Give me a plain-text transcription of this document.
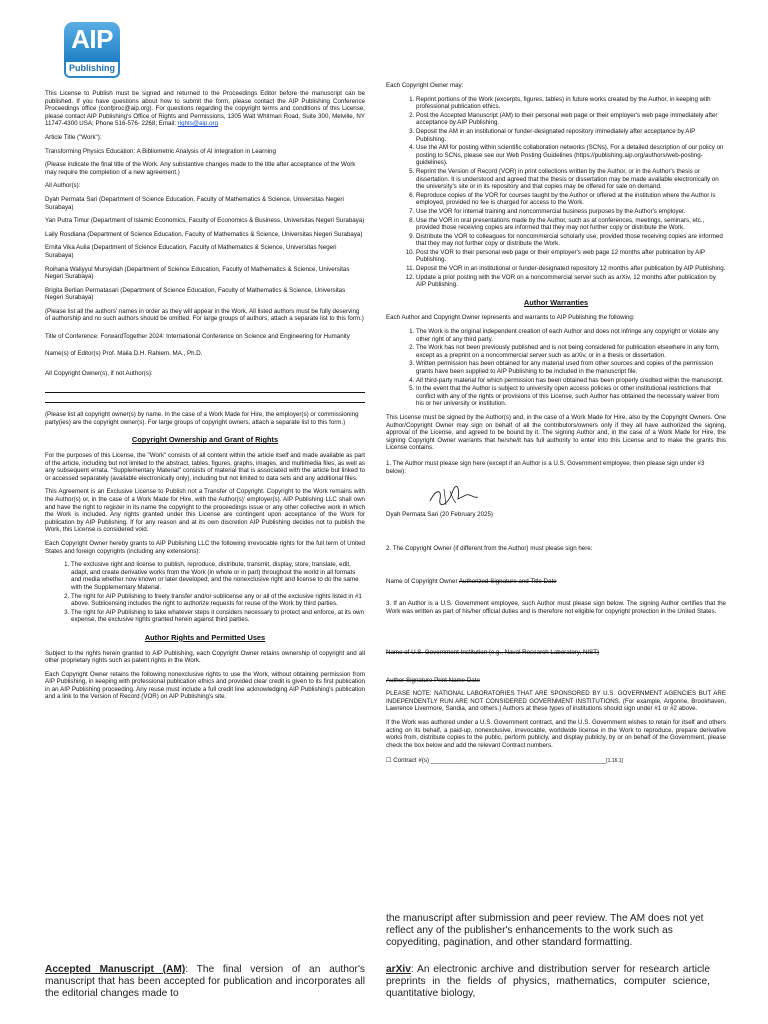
AIP
Publishing

This License to Publish must be signed and returned to the Proceedings Editor before the manuscript can be published. If you have questions about how to submit the form, please contact the AIP Publishing Conference Proceedings office (confproc@aip.org). For questions regarding the copyright terms and conditions of this License, please contact AIP Publishing's Office of Rights and Permissions, 1305 Walt Whitman Road, Suite 300, Melville, NY 11747-4300 USA; Phone 516-576- 2268; Email: rights@aip.org

Article Title ("Work"):

Transforming Physics Education: A Bibliometric Analysis of AI Integration in Learning

(Please indicate the final title of the Work. Any substantive changes made to the title after acceptance of the Work may require the completion of a new agreement.)

All Author(s):

Dyah Permata Sari (Department of Science Education, Faculty of Mathematics & Science, Universitas Negeri Surabaya)

Yan Putra Timur (Department of Islamic Economics, Faculty of Economics & Business, Universitas Negeri Surabaya)

Laily Rosdiana (Department of Science Education, Faculty of Mathematics & Science, Universitas Negeri Surabaya)

Ernita Vika Aulia (Department of Science Education, Faculty of Mathematics & Science, Universitas Negeri Surabaya)

Roihana Waliyyul Mursyidah (Department of Science Education, Faculty of Mathematics & Science, Universitas Negeri Surabaya)

Brigita Berlian Permatasari (Department of Science Education, Faculty of Mathematics & Science, Universitas Negeri Surabaya)

(Please list all the authors' names in order as they will appear in the Work. All listed authors must be fully deserving of authorship and no such authors should be omitted. For large groups of authors, attach a separate list to this form.)

Title of Conference: ForwardTogether 2024: International Conference on Science and Engineering for Humanity

Name(s) of Editor(s) Prof. Maila D.H. Rahiem, MA., Ph.D.

All Copyright Owner(s), if not Author(s):

(Please list all copyright owner(s) by name. In the case of a Work Made for Hire, the employer(s) or commissioning party(ies) are the copyright owner(s). For large groups of copyright owners, attach a separate list to this form.)

Copyright Ownership and Grant of Rights

For the purposes of this License, the "Work" consists of all content within the article itself and made available as part of the article, including but not limited to the abstract, tables, figures, graphs, images, and multimedia files, as well as any subsequent errata. "Supplementary Material" consists of material that is associated with the article but linked to or accessed separately (available electronically only), including but not limited to data sets and any additional files.

This Agreement is an Exclusive License to Publish not a Transfer of Copyright. Copyright to the Work remains with the Author(s) or, in the case of a Work Made for Hire, with the Author(s)' employer(s). AIP Publishing LLC shall own and have the right to register in its name the copyright to the proceedings issue or any other collective work in which the Work is included. Any rights granted under this License are contingent upon acceptance of the Work for publication by AIP Publishing. If for any reason and at its own discretion AIP Publishing decides not to publish the Work, this License is considered void.

Each Copyright Owner hereby grants to AIP Publishing LLC the following irrevocable rights for the full term of United States and foreign copyrights (including any extensions):

1. The exclusive right and license to publish, reproduce, distribute, transmit, display, store, translate, edit, adapt, and create derivative works from the Work (in whole or in part) throughout the world in all formats and media whether now known or later developed, and the nonexclusive right and license to do the same with the Supplementary Material.
2. The right for AIP Publishing to freely transfer and/or sublicense any or all of the exclusive rights listed in #1 above. Sublicensing includes the right to authorize requests for reuse of the Work by third parties.
3. The right for AIP Publishing to take whatever steps it considers necessary to protect and enforce, at its own expense, the exclusive rights granted herein against third parties.
Author Rights and Permitted Uses

Subject to the rights herein granted to AIP Publishing, each Copyright Owner retains ownership of copyright and all other proprietary rights such as patent rights in the Work.

Each Copyright Owner retains the following nonexclusive rights to use the Work, without obtaining permission from AIP Publishing, in keeping with professional publication ethics and provided clear credit is given to its first publication in an AIP Publishing proceeding. Any reuse must include a full credit line acknowledging AIP Publishing's publication and a link to the Version of Record (VOR) on AIP Publishing's site.

Each Copyright Owner may:

1. Reprint portions of the Work (excerpts, figures, tables) in future works created by the Author, in keeping with professional publication ethics.
2. Post the Accepted Manuscript (AM) to their personal web page or their employer's web page immediately after acceptance by AIP Publishing.
3. Deposit the AM in an institutional or funder-designated repository immediately after acceptance by AIP Publishing.
4. Use the AM for posting within scientific collaboration networks (SCNs). For a detailed description of our policy on posting to SCNs, please see our Web Posting Guidelines (https://publishing.aip.org/authors/web-posting-guidelines).
5. Reprint the Version of Record (VOR) in print collections written by the Author, or in the Author's thesis or dissertation. It is understood and agreed that the thesis or dissertation may be made available electronically on the university's site or in its repository and that copies may be offered for sale on demand.
6. Reproduce copies of the VOR for courses taught by the Author or offered at the institution where the Author is employed, provided no fee is charged for access to the Work.
7. Use the VOR for internal training and noncommercial business purposes by the Author's employer.
8. Use the VOR in oral presentations made by the Author, such as at conferences, meetings, seminars, etc., provided those receiving copies are informed that they may not further copy or distribute the Work.
9. Distribute the VOR to colleagues for noncommercial scholarly use, provided those receiving copies are informed that they may not further copy or distribute the Work.
10. Post the VOR to their personal web page or their employer's web page 12 months after publication by AIP Publishing.
11. Deposit the VOR in an institutional or funder-designated repository 12 months after publication by AIP Publishing.
12. Update a prior posting with the VOR on a noncommercial server such as arXiv, 12 months after publication by AIP Publishing.
Author Warranties

Each Author and Copyright Owner represents and warrants to AIP Publishing the following:

1. The Work is the original independent creation of each Author and does not infringe any copyright or violate any other right of any third party.
2. The Work has not been previously published and is not being considered for publication elsewhere in any form, except as a preprint on a noncommercial server such as arXiv, or in a thesis or dissertation.
3. Written permission has been obtained for any material used from other sources and copies of the permission grants have been supplied to AIP Publishing to be included in the manuscript file.
4. All third-party material for which permission has been obtained has been properly credited within the manuscript.
5. In the event that the Author is subject to university open access policies or other institutional restrictions that conflict with any of the rights or provisions of this License, such Author has obtained the necessary waiver from his or her university or institution.

This License must be signed by the Author(s) and, in the case of a Work Made for Hire, also by the Copyright Owners. One Author/Copyright Owner may sign on behalf of all the contributors/owners only if they all have authorized the signing, approval of the License, and agreed to be bound by it. The signing Author and, in the case of a Work Made for Hire, the signing Copyright Owner warrants that he/she/it has full authority to enter into this License and to make the grants this License contains.

1. The Author must please sign here (except if an Author is a U.S. Government employee, then please sign under #3 below):

Dyah Permata Sari (20 February 2025)

2. The Copyright Owner (if different from the Author) must please sign here:

Name of Copyright Owner Authorized Signature and Title Date

3. If an Author is a U.S. Government employee, such Author must please sign below. The signing Author certifies that the Work was written as part of his/her official duties and is therefore not eligible for copyright protection in the United States.

Name of U.S. Government Institution (e.g., Naval Research Laboratory, NIST)

Author Signature Print Name Date

PLEASE NOTE: NATIONAL LABORATORIES THAT ARE SPONSORED BY U.S. GOVERNMENT AGENCIES BUT ARE INDEPENDENTLY RUN ARE NOT CONSIDERED GOVERNMENT INSTITUTIONS. (For example, Argonne, Brookhaven, Lawrence Livermore, Sandia, and others.) Authors at these types of institutions should sign under #1 or #2 above.

If the Work was authored under a U.S. Government contract, and the U.S. Government wishes to retain for itself and others acting on its behalf, a paid-up, nonexclusive, irrevocable, worldwide license in the Work to reproduce, prepare derivative works from, distribute copies to the public, perform publicly, and display publicly, by or on behalf of the Government, please check the box below and add the relevant Contract numbers.

☐ Contract #(s) ___________________________________________________[1.16.1]

the manuscript after submission and peer review. The AM does not yet reflect any of the publisher's enhancements to the work such as copyediting, pagination, and other standard formatting.
Accepted Manuscript (AM): The final version of an author's manuscript that has been accepted for publication and incorporates all the editorial changes made to
arXiv: An electronic archive and distribution server for research article preprints in the fields of physics, mathematics, computer science, quantitative biology,
